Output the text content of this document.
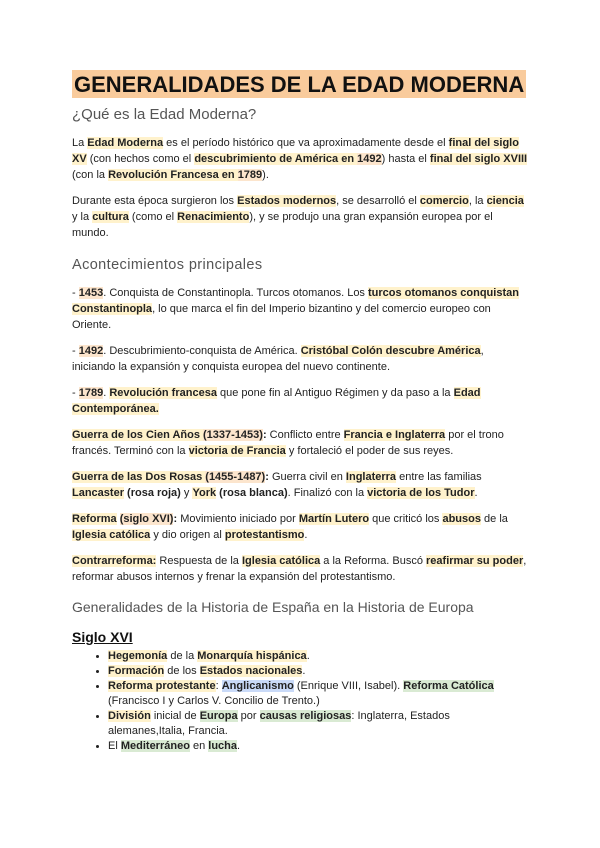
GENERALIDADES DE LA EDAD MODERNA
¿Qué es la Edad Moderna?

La Edad Moderna es el período histórico que va aproximadamente desde el final del siglo XV (con hechos como el descubrimiento de América en 1492) hasta el final del siglo XVIII (con la Revolución Francesa en 1789).

Durante esta época surgieron los Estados modernos, se desarrolló el comercio, la ciencia y la cultura (como el Renacimiento), y se produjo una gran expansión europea por el mundo.

Acontecimientos principales

- 1453. Conquista de Constantinopla. Turcos otomanos. Los turcos otomanos conquistan Constantinopla, lo que marca el fin del Imperio bizantino y del comercio europeo con Oriente.

- 1492. Descubrimiento-conquista de América. Cristóbal Colón descubre América, iniciando la expansión y conquista europea del nuevo continente.

- 1789. Revolución francesa que pone fin al Antiguo Régimen y da paso a la Edad Contemporánea.

Guerra de los Cien Años (1337-1453): Conflicto entre Francia e Inglaterra por el trono francés. Terminó con la victoria de Francia y fortaleció el poder de sus reyes.

Guerra de las Dos Rosas (1455-1487): Guerra civil en Inglaterra entre las familias Lancaster (rosa roja) y York (rosa blanca). Finalizó con la victoria de los Tudor.

Reforma (siglo XVI): Movimiento iniciado por Martín Lutero que criticó los abusos de la Iglesia católica y dio origen al protestantismo.

Contrarreforma: Respuesta de la Iglesia católica a la Reforma. Buscó reafirmar su poder, reformar abusos internos y frenar la expansión del protestantismo.

Generalidades de la Historia de España en la Historia de Europa
Siglo XVI
• Hegemonía de la Monarquía hispánica.
• Formación de los Estados nacionales.
• Reforma protestante: Anglicanismo (Enrique VIII, Isabel). Reforma Católica (Francisco I y Carlos V. Concilio de Trento.)
• División inicial de Europa por causas religiosas: Inglaterra, Estados alemanes,Italia, Francia.
• El Mediterráneo en lucha.
